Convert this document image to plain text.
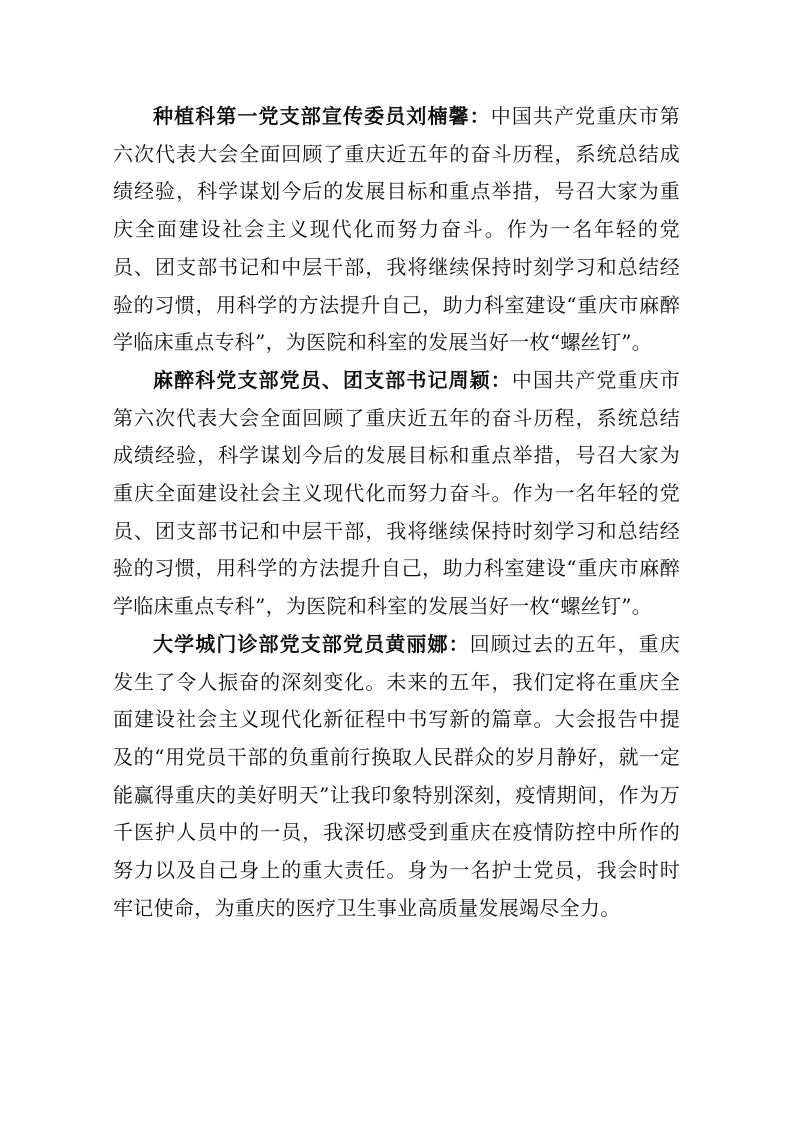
种植科第一党支部宣传委员刘楠馨：中国共产党重庆市第六次代表大会全面回顾了重庆近五年的奋斗历程，系统总结成绩经验，科学谋划今后的发展目标和重点举措，号召大家为重庆全面建设社会主义现代化而努力奋斗。作为一名年轻的党员、团支部书记和中层干部，我将继续保持时刻学习和总结经验的习惯，用科学的方法提升自己，助力科室建设“重庆市麻醉学临床重点专科”，为医院和科室的发展当好一枚“螺丝钉”。

麻醉科党支部党员、团支部书记周颖：中国共产党重庆市第六次代表大会全面回顾了重庆近五年的奋斗历程，系统总结成绩经验，科学谋划今后的发展目标和重点举措，号召大家为重庆全面建设社会主义现代化而努力奋斗。作为一名年轻的党员、团支部书记和中层干部，我将继续保持时刻学习和总结经验的习惯，用科学的方法提升自己，助力科室建设“重庆市麻醉学临床重点专科”，为医院和科室的发展当好一枚“螺丝钉”。

大学城门诊部党支部党员黄丽娜：回顾过去的五年，重庆发生了令人振奋的深刻变化。未来的五年，我们定将在重庆全面建设社会主义现代化新征程中书写新的篇章。大会报告中提及的“用党员干部的负重前行换取人民群众的岁月静好，就一定能赢得重庆的美好明天”让我印象特别深刻，疫情期间，作为万千医护人员中的一员，我深切感受到重庆在疫情防控中所作的努力以及自己身上的重大责任。身为一名护士党员，我会时时牢记使命，为重庆的医疗卫生事业高质量发展竭尽全力。
